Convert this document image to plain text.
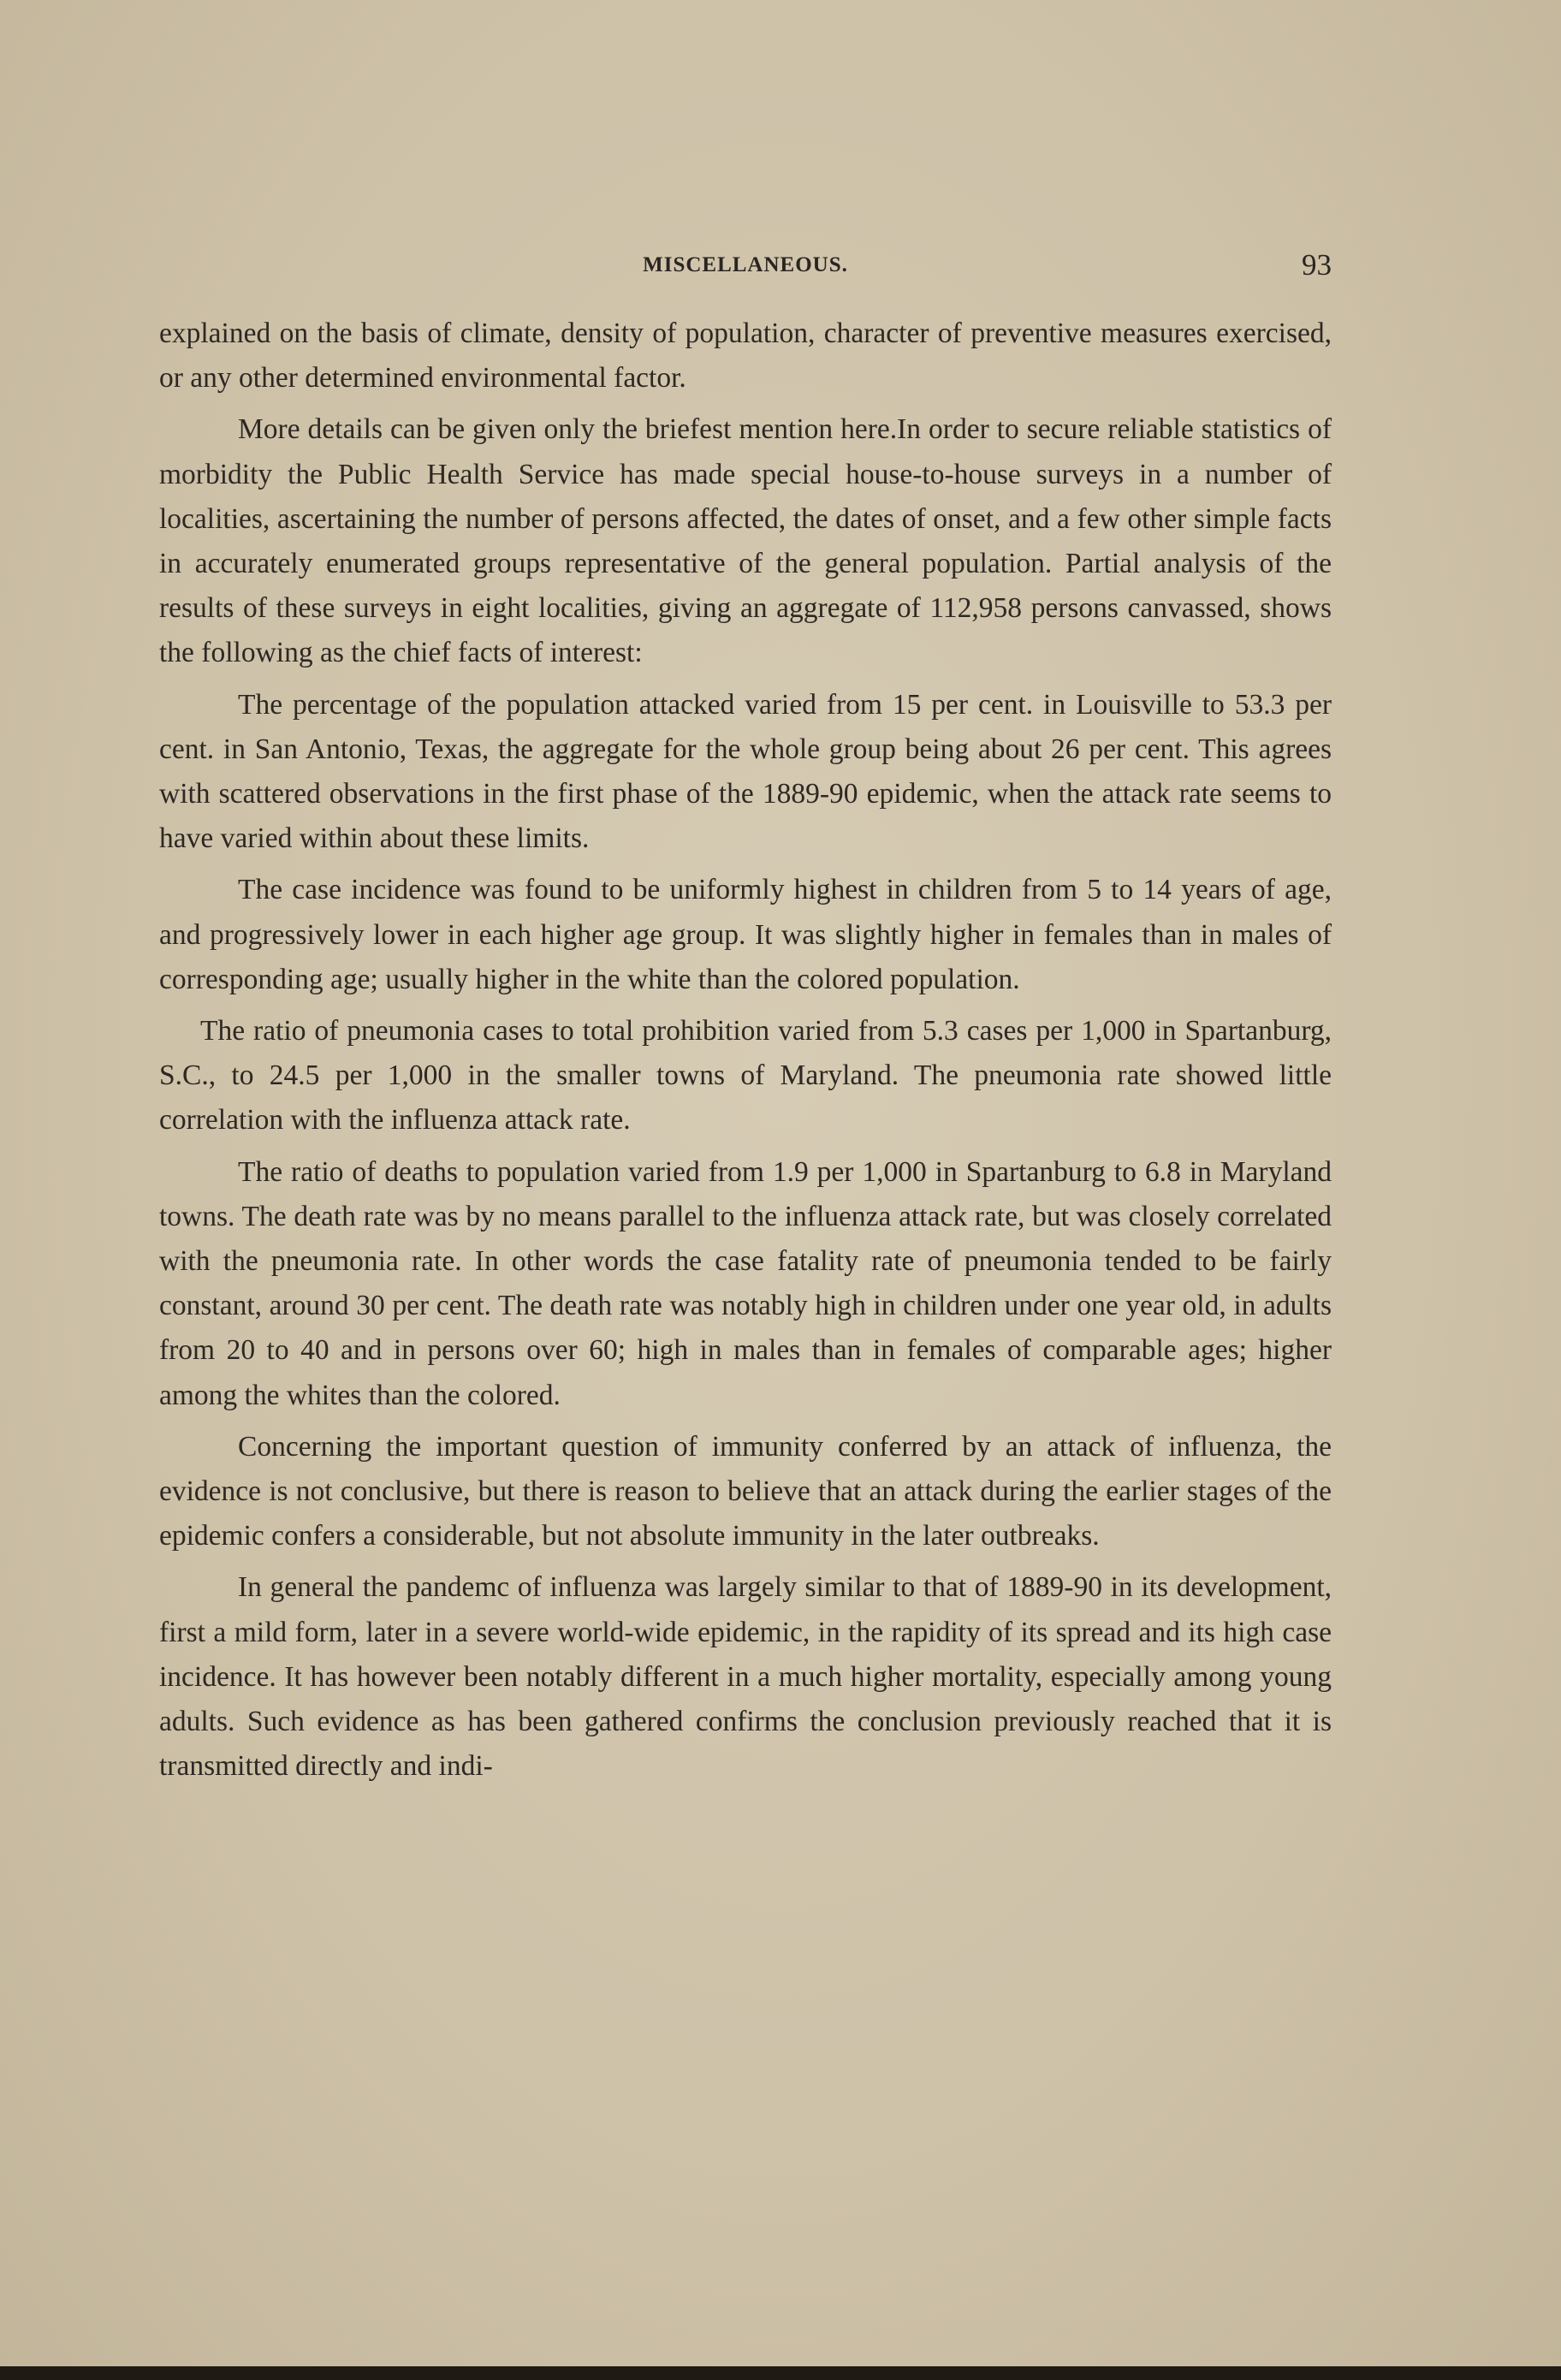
MISCELLANEOUS.	93

explained on the basis of climate, density of population, character of preventive measures exercised, or any other determined environmental factor.

More details can be given only the briefest mention here.In order to secure reliable statistics of morbidity the Public Health Service has made special house-to-house surveys in a number of localities, ascertaining the number of persons affected, the dates of onset, and a few other simple facts in accurately enumerated groups representative of the general population. Partial analysis of the results of these surveys in eight localities, giving an aggregate of 112,958 persons canvassed, shows the following as the chief facts of interest:

The percentage of the population attacked varied from 15 per cent. in Louisville to 53.3 per cent. in San Antonio, Texas, the aggregate for the whole group being about 26 per cent. This agrees with scattered observations in the first phase of the 1889-90 epidemic, when the attack rate seems to have varied within about these limits.

The case incidence was found to be uniformly highest in children from 5 to 14 years of age, and progressively lower in each higher age group. It was slightly higher in females than in males of corresponding age; usually higher in the white than the colored population.

The ratio of pneumonia cases to total prohibition varied from 5.3 cases per 1,000 in Spartanburg, S.C., to 24.5 per 1,000 in the smaller towns of Maryland. The pneumonia rate showed little correlation with the influenza attack rate.

The ratio of deaths to population varied from 1.9 per 1,000 in Spartanburg to 6.8 in Maryland towns. The death rate was by no means parallel to the influenza attack rate, but was closely correlated with the pneumonia rate. In other words the case fatality rate of pneumonia tended to be fairly constant, around 30 per cent. The death rate was notably high in children under one year old, in adults from 20 to 40 and in persons over 60; high in males than in females of comparable ages; higher among the whites than the colored.

Concerning the important question of immunity conferred by an attack of influenza, the evidence is not conclusive, but there is reason to believe that an attack during the earlier stages of the epidemic confers a considerable, but not absolute immunity in the later outbreaks.

In general the pandemc of influenza was largely similar to that of 1889-90 in its development, first a mild form, later in a severe world-wide epidemic, in the rapidity of its spread and its high case incidence. It has however been notably different in a much higher mortality, especially among young adults. Such evidence as has been gathered confirms the conclusion previously reached that it is transmitted directly and indi-
